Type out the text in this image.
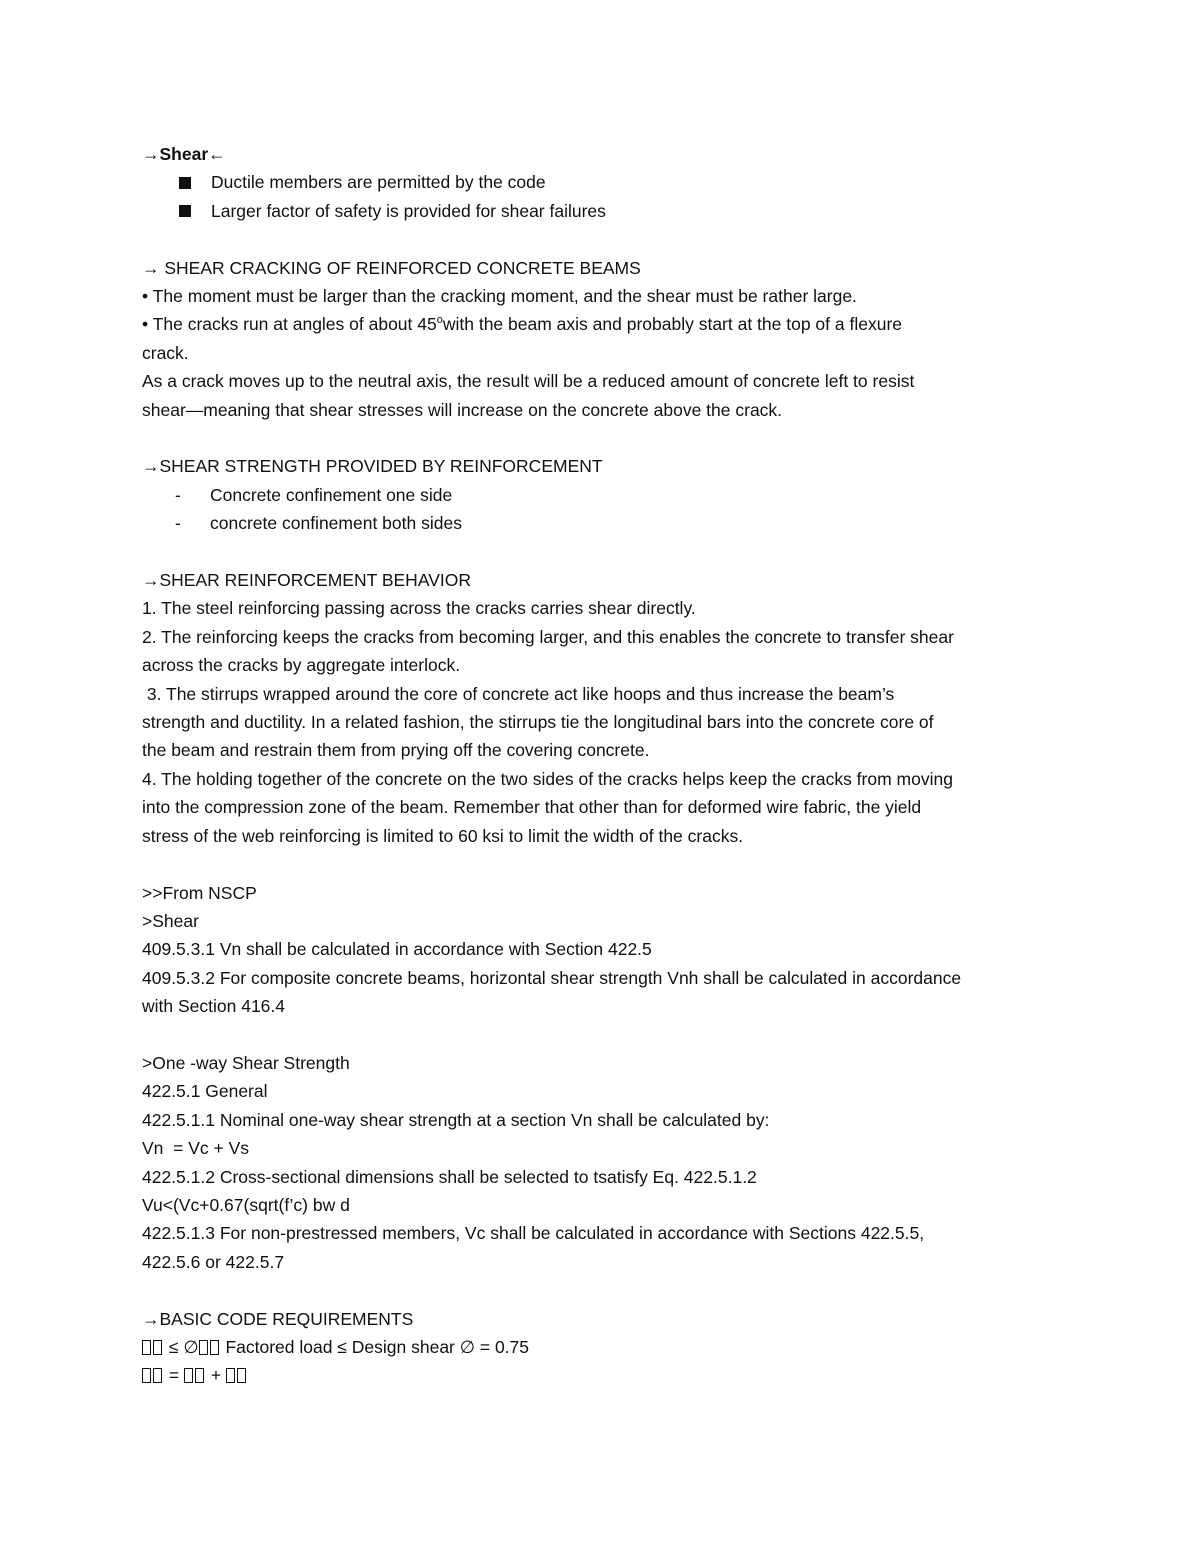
→Shear←

Ductile members are permitted by the code
Larger factor of safety is provided for shear failures

→ SHEAR CRACKING OF REINFORCED CONCRETE BEAMS

• The moment must be larger than the cracking moment, and the shear must be rather large.

• The cracks run at angles of about 45$^o$with the beam axis and probably start at the top of a flexure

crack.

As a crack moves up to the neutral axis, the result will be a reduced amount of concrete left to resist

shear—meaning that shear stresses will increase on the concrete above the crack.

→SHEAR STRENGTH PROVIDED BY REINFORCEMENT

-	Concrete confinement one side
-	concrete confinement both sides

→SHEAR REINFORCEMENT BEHAVIOR

1. The steel reinforcing passing across the cracks carries shear directly.

2. The reinforcing keeps the cracks from becoming larger, and this enables the concrete to transfer shear

across the cracks by aggregate interlock.

3. The stirrups wrapped around the core of concrete act like hoops and thus increase the beam’s

strength and ductility. In a related fashion, the stirrups tie the longitudinal bars into the concrete core of

the beam and restrain them from prying off the covering concrete.

4. The holding together of the concrete on the two sides of the cracks helps keep the cracks from moving

into the compression zone of the beam. Remember that other than for deformed wire fabric, the yield

stress of the web reinforcing is limited to 60 ksi to limit the width of the cracks.

>>From NSCP

>Shear

409.5.3.1 Vn shall be calculated in accordance with Section 422.5

409.5.3.2 For composite concrete beams, horizontal shear strength Vnh shall be calculated in accordance

with Section 416.4

>One -way Shear Strength

422.5.1 General

422.5.1.1 Nominal one-way shear strength at a section Vn shall be calculated by:

Vn  = Vc + Vs

422.5.1.2 Cross-sectional dimensions shall be selected to tsatisfy Eq. 422.5.1.2

Vu<(Vc+0.67(sqrt(f’c) bw d

422.5.1.3 For non-prestressed members, Vc shall be calculated in accordance with Sections 422.5.5,

422.5.6 or 422.5.7

→BASIC CODE REQUIREMENTS

≤ ∅ Factored load ≤ Design shear ∅ = 0.75

=  +
